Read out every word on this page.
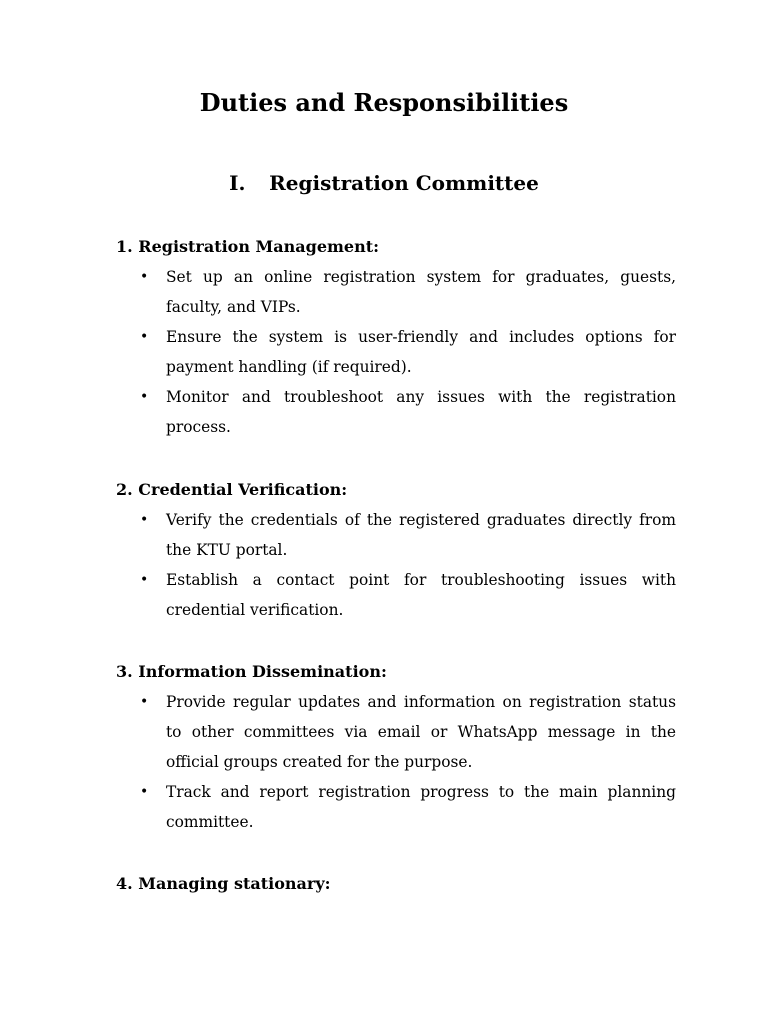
Duties and Responsibilities
I. Registration Committee
1. Registration Management:
• Set up an online registration system for graduates, guests, faculty, and VIPs.
• Ensure the system is user-friendly and includes options for payment handling (if required).
• Monitor and troubleshoot any issues with the registration process.
2. Credential Verification:
• Verify the credentials of the registered graduates directly from the KTU portal.
• Establish a contact point for troubleshooting issues with credential verification.
3. Information Dissemination:
• Provide regular updates and information on registration status to other committees via email or WhatsApp message in the official groups created for the purpose.
• Track and report registration progress to the main planning committee.
4. Managing stationary:
